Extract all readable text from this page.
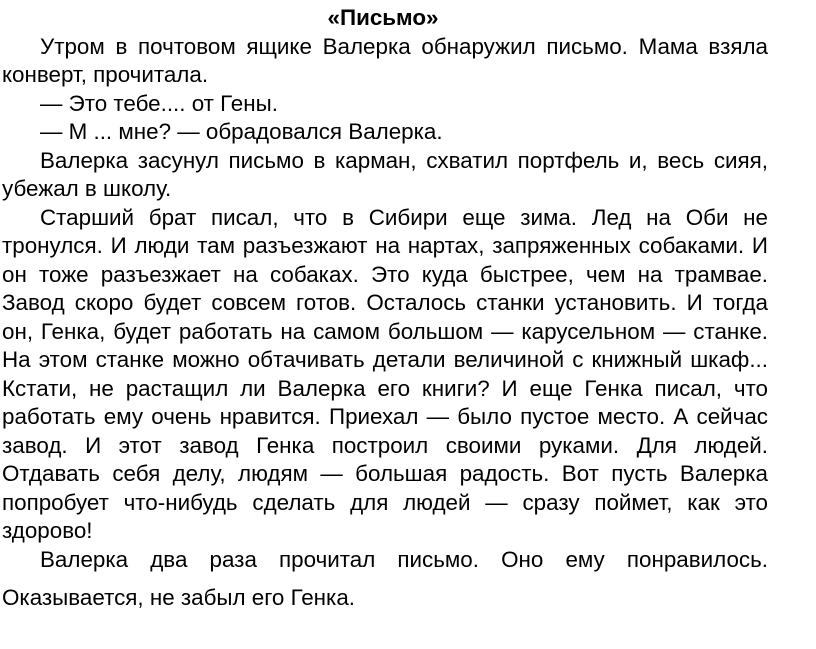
«Письмо»

Утром в почтовом ящике Валерка обнаружил письмо. Мама взяла конверт, прочитала.

— Это тебе.... от Гены.

— М ... мне? — обрадовался Валерка.

Валерка засунул письмо в карман, схватил портфель и, весь сияя, убежал в школу.

Старший брат писал, что в Сибири еще зима. Лед на Оби не тронулся. И люди там разъезжают на нартах, запряженных собаками. И он тоже разъезжает на собаках. Это куда быстрее, чем на трамвае. Завод скоро будет совсем готов. Осталось станки установить. И тогда он, Генка, будет работать на самом большом — карусельном — станке. На этом станке можно обтачивать детали величиной с книжный шкаф... Кстати, не растащил ли Валерка его книги? И еще Генка писал, что работать ему очень нравится. Приехал — было пустое место. А сейчас завод. И этот завод Генка построил своими руками. Для людей. Отдавать себя делу, людям — большая радость. Вот пусть Валерка попробует что-нибудь сделать для людей — сразу поймет, как это здорово!

Валерка два раза прочитал письмо. Оно ему понравилось.

Оказывается, не забыл его Генка.
